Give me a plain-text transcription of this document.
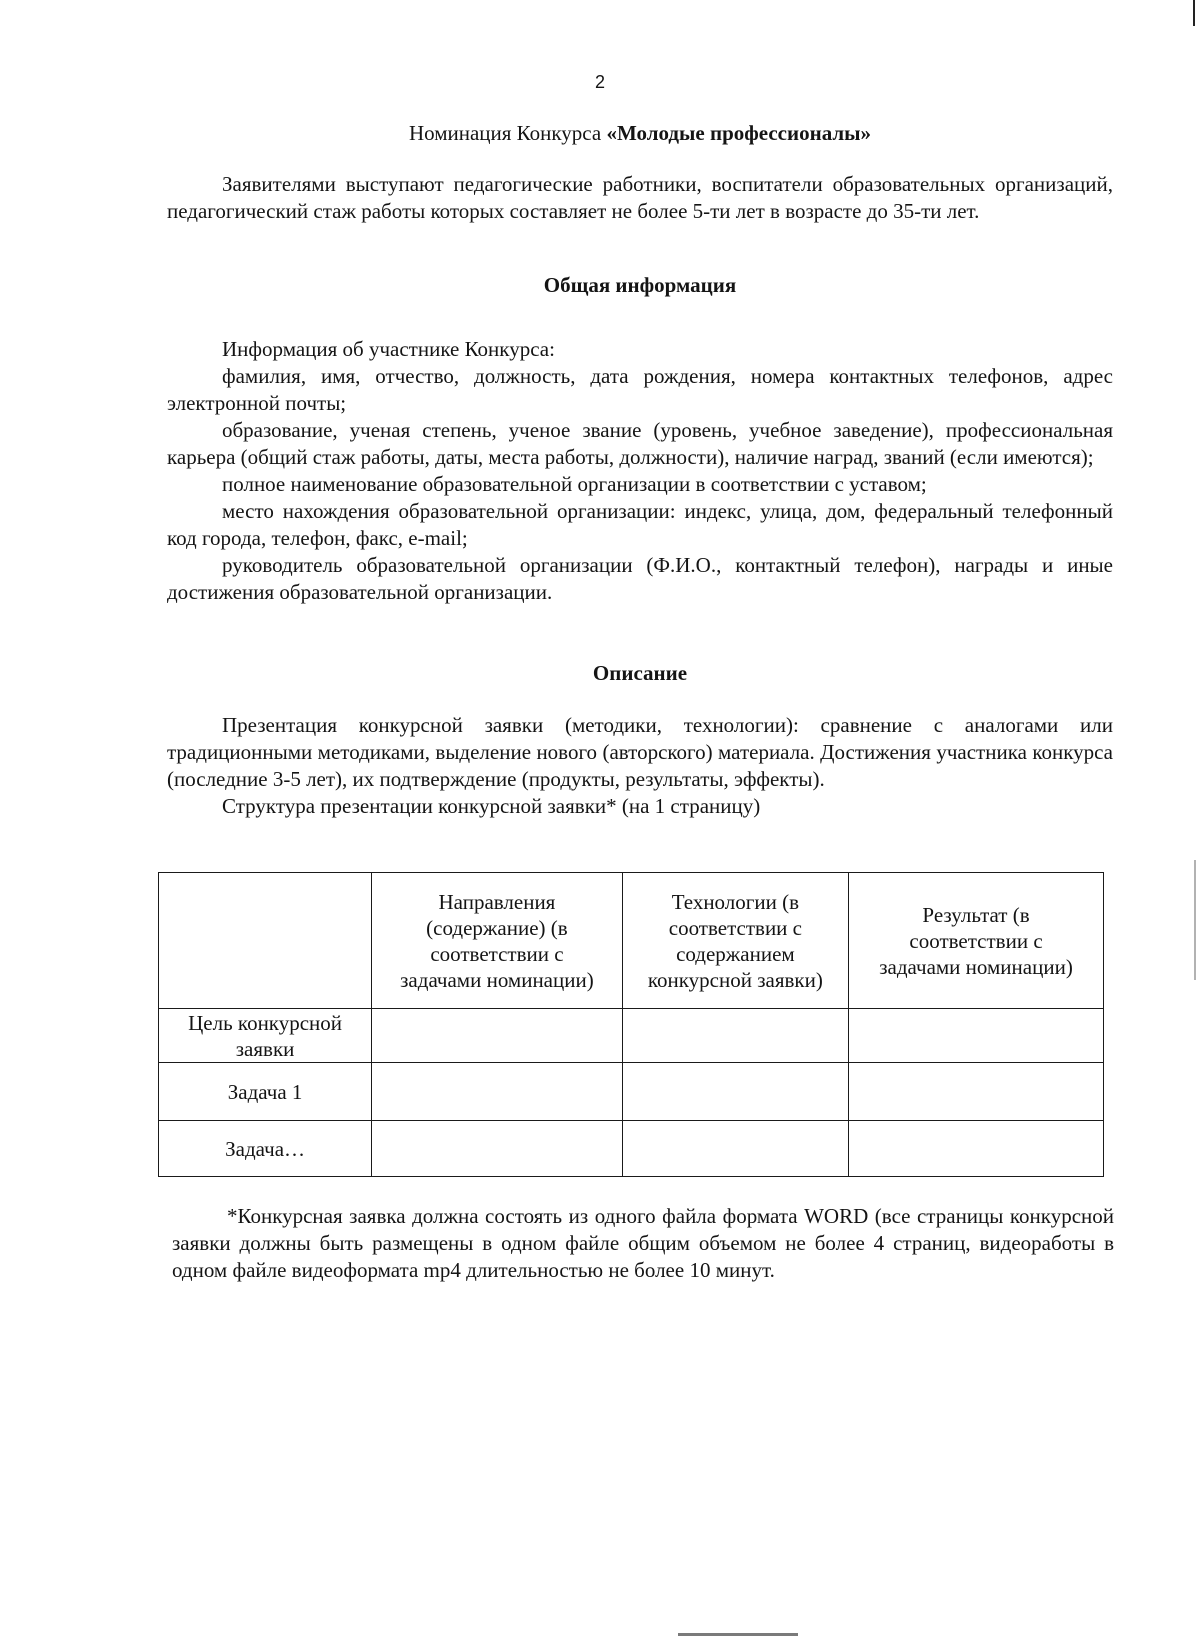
2
Номинация Конкурса «Молодые профессионалы»

Заявителями выступают педагогические работники, воспитатели образовательных организаций, педагогический стаж работы которых составляет не более 5-ти лет в возрасте до 35-ти лет.

Общая информация

Информация об участнике Конкурса:

фамилия, имя, отчество, должность, дата рождения, номера контактных телефонов, адрес электронной почты;

образование, ученая степень, ученое звание (уровень, учебное заведение), профессиональная карьера (общий стаж работы, даты, места работы, должности), наличие наград, званий (если имеются);

полное наименование образовательной организации в соответствии с уставом;

место нахождения образовательной организации: индекс, улица, дом, федеральный телефонный код города, телефон, факс, e-mail;

руководитель образовательной организации (Ф.И.О., контактный телефон), награды и иные достижения образовательной организации.

Описание

Презентация конкурсной заявки (методики, технологии): сравнение с аналогами или традиционными методиками, выделение нового (авторского) материала. Достижения участника конкурса (последние 3-5 лет), их подтверждение (продукты, результаты, эффекты).

Структура презентации конкурсной заявки* (на 1 страницу)

	Направления (содержание) (в соответствии с задачами номинации)	Технологии (в соответствии с содержанием конкурсной заявки)	Результат (в соответствии с задачами номинации)
Цель конкурсной заявки			
Задача 1			
Задача…			

*Конкурсная заявка должна состоять из одного файла формата WORD (все страницы конкурсной заявки должны быть размещены в одном файле общим объемом не более 4 страниц, видеоработы в одном файле видеоформата mp4 длительностью не более 10 минут.
